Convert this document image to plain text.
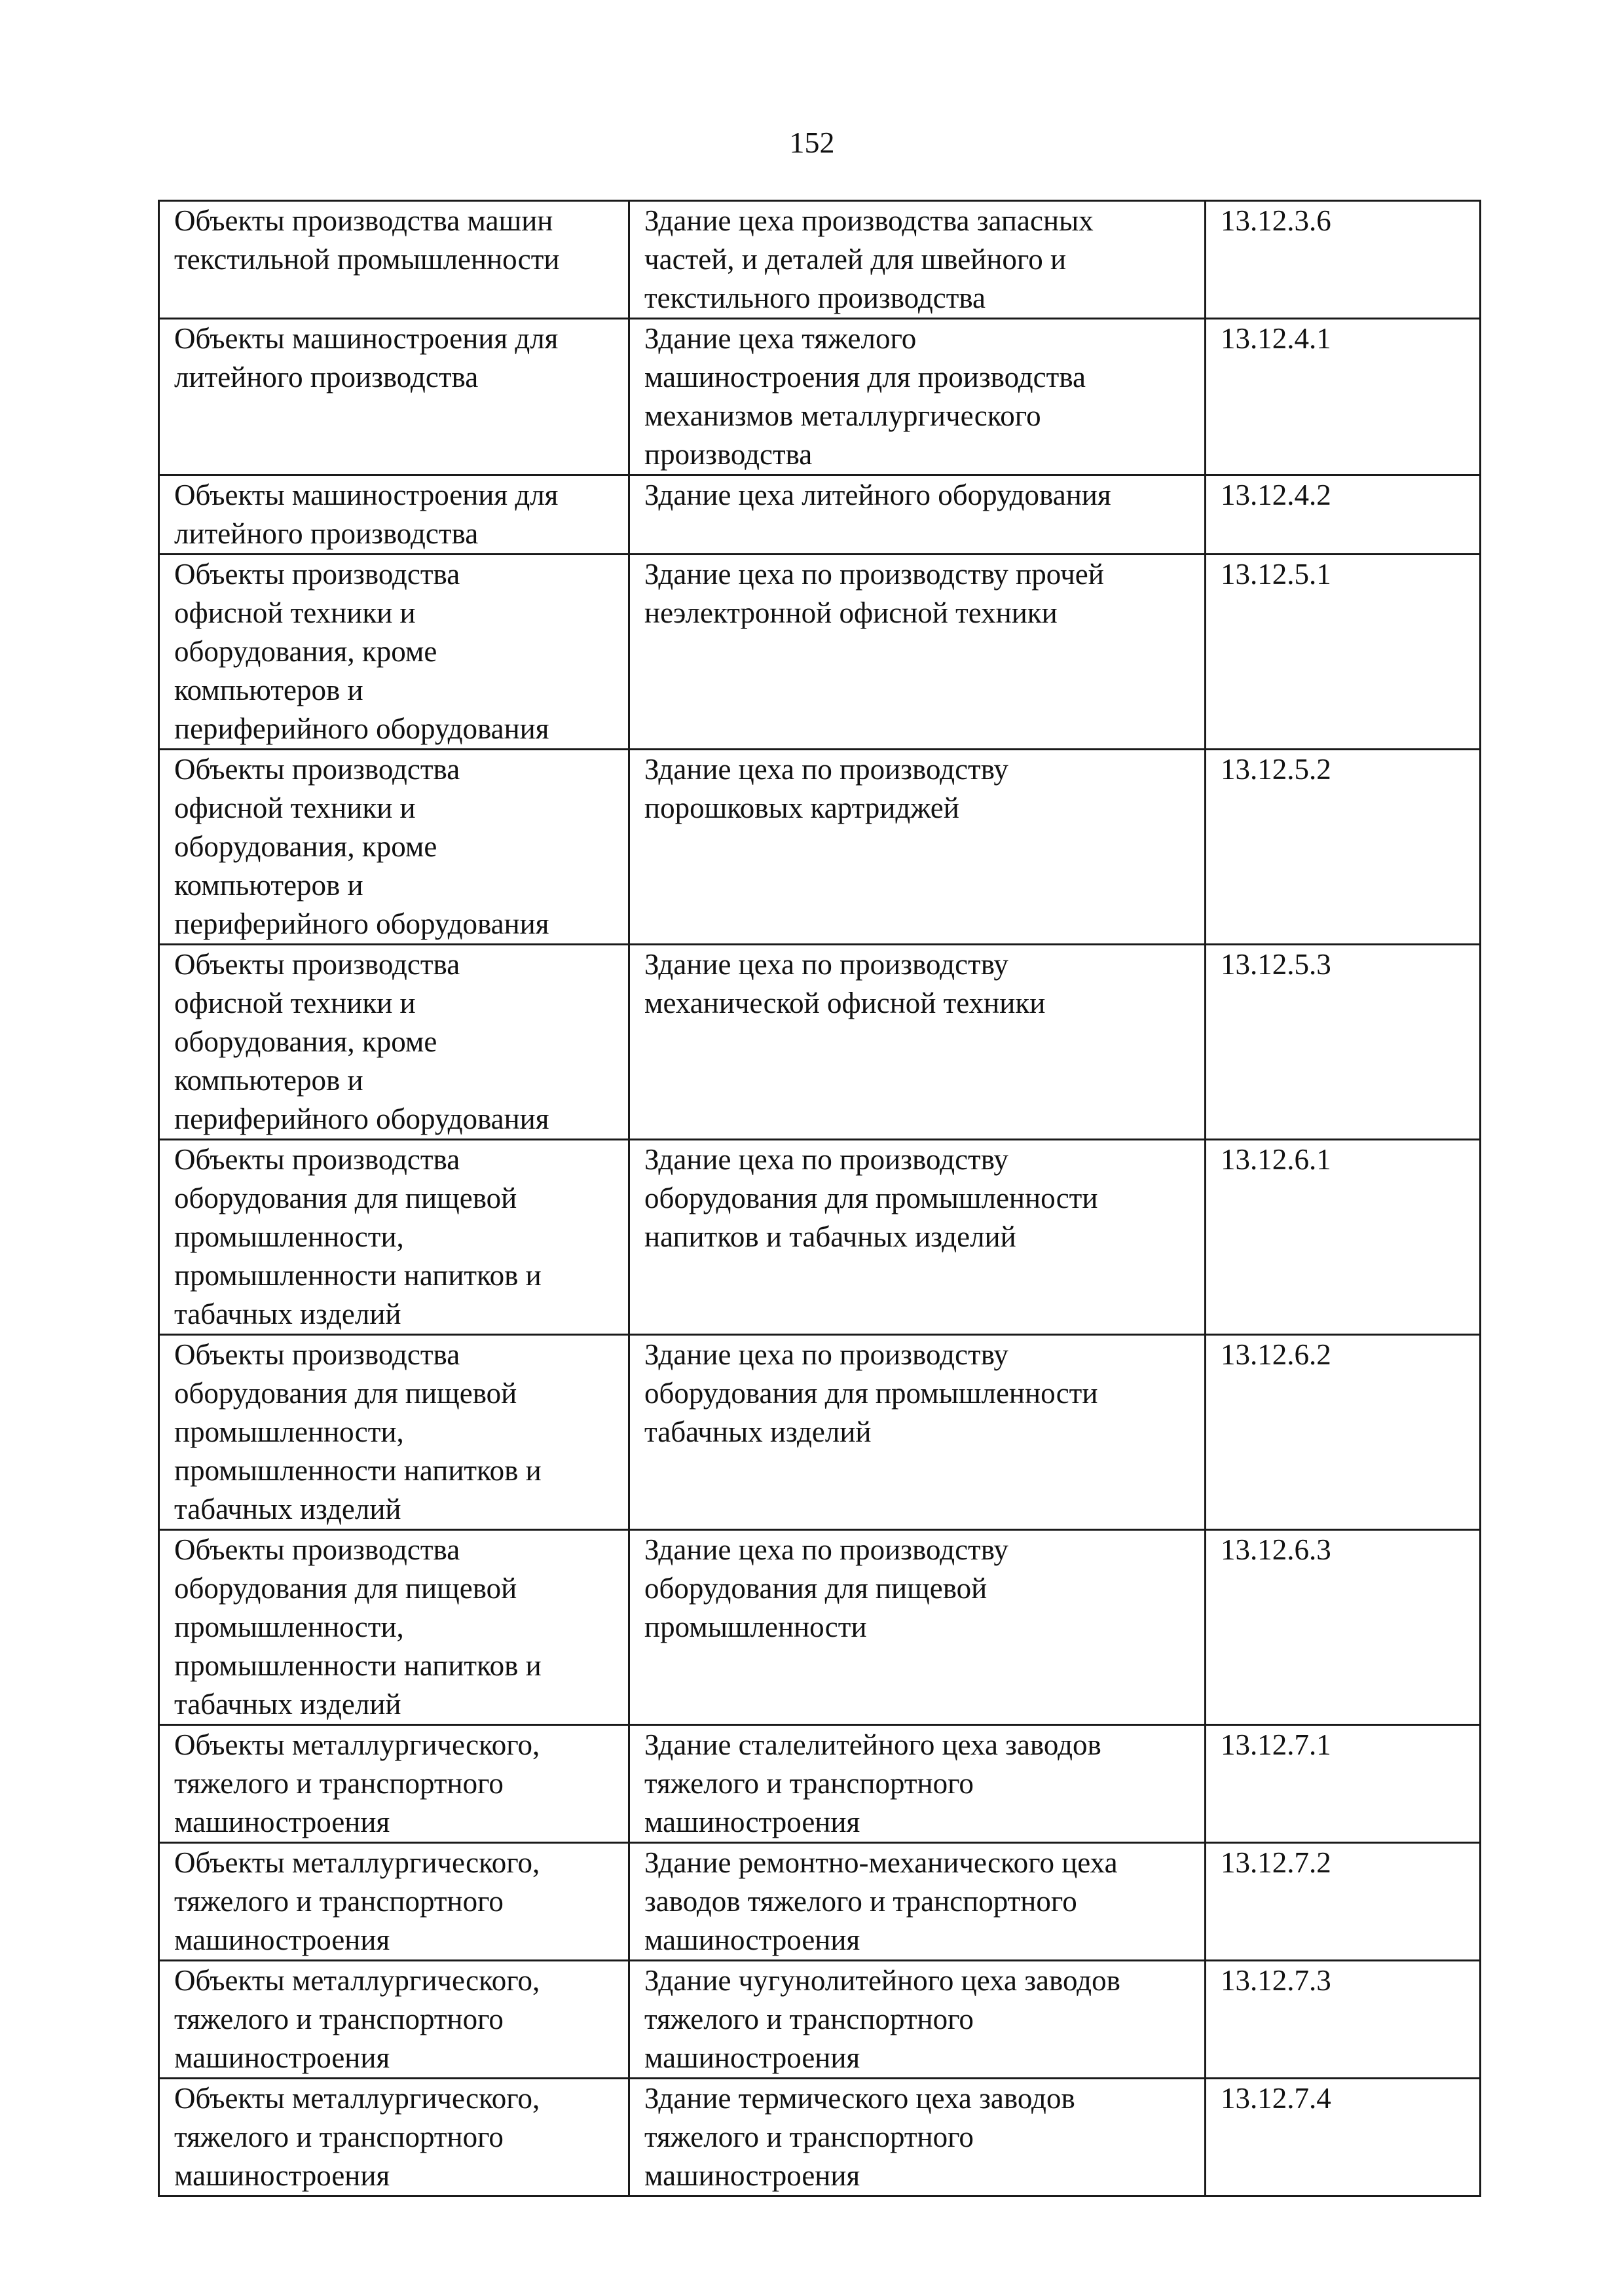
152
Объекты производства машин
текстильной промышленности	Здание цеха производства запасных
частей, и деталей для швейного и
текстильного производства	13.12.3.6
Объекты машиностроения для
литейного производства	Здание цеха тяжелого
машиностроения для производства
механизмов металлургического
производства	13.12.4.1
Объекты машиностроения для
литейного производства	Здание цеха литейного оборудования	13.12.4.2
Объекты производства
офисной техники и
оборудования, кроме
компьютеров и
периферийного оборудования	Здание цеха по производству прочей
неэлектронной офисной техники	13.12.5.1
Объекты производства
офисной техники и
оборудования, кроме
компьютеров и
периферийного оборудования	Здание цеха по производству
порошковых картриджей	13.12.5.2
Объекты производства
офисной техники и
оборудования, кроме
компьютеров и
периферийного оборудования	Здание цеха по производству
механической офисной техники	13.12.5.3
Объекты производства
оборудования для пищевой
промышленности,
промышленности напитков и
табачных изделий	Здание цеха по производству
оборудования для промышленности
напитков и табачных изделий	13.12.6.1
Объекты производства
оборудования для пищевой
промышленности,
промышленности напитков и
табачных изделий	Здание цеха по производству
оборудования для промышленности
табачных изделий	13.12.6.2
Объекты производства
оборудования для пищевой
промышленности,
промышленности напитков и
табачных изделий	Здание цеха по производству
оборудования для пищевой
промышленности	13.12.6.3
Объекты металлургического,
тяжелого и транспортного
машиностроения	Здание сталелитейного цеха заводов
тяжелого и транспортного
машиностроения	13.12.7.1
Объекты металлургического,
тяжелого и транспортного
машиностроения	Здание ремонтно-механического цеха
заводов тяжелого и транспортного
машиностроения	13.12.7.2
Объекты металлургического,
тяжелого и транспортного
машиностроения	Здание чугунолитейного цеха заводов
тяжелого и транспортного
машиностроения	13.12.7.3
Объекты металлургического,
тяжелого и транспортного
машиностроения	Здание термического цеха заводов
тяжелого и транспортного
машиностроения	13.12.7.4
